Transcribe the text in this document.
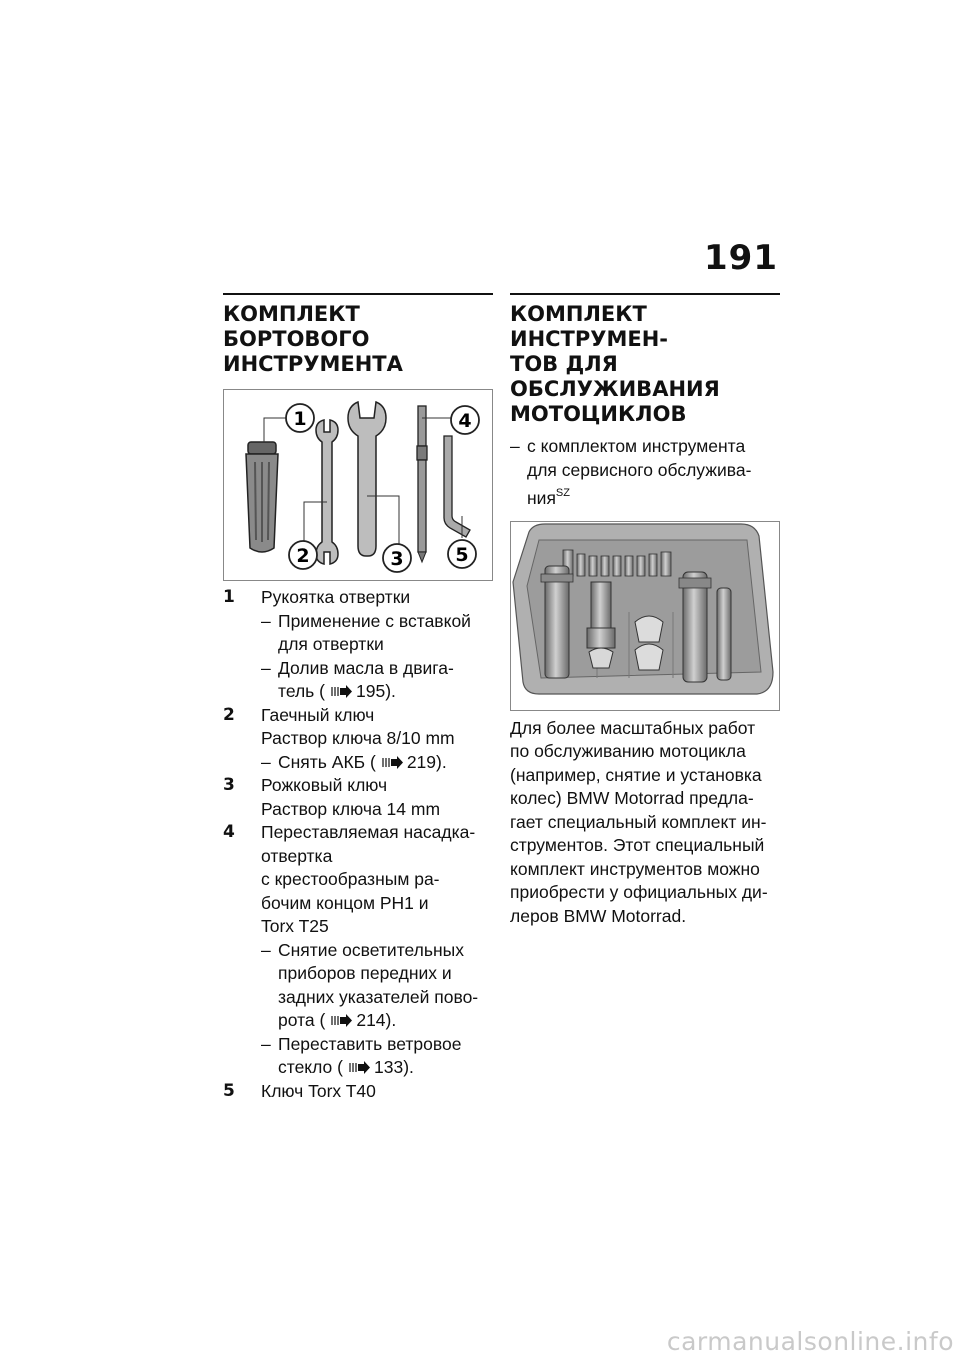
191
КОМПЛЕКТ БОРТОВОГО
ИНСТРУМЕНТА
1
2	3
4
5
1 Рукоятка отвертки
– Применение с вставкой
для отвертки
– Долив масла в двига-
тель ( 195).
2 Гаечный ключ
Раствор ключа 8/10 mm
– Снять АКБ ( 219).
3 Рожковый ключ
Раствор ключа 14 mm
4 Переставляемая насадка-
отвертка
с крестообразным ра-
бочим концом PH1 и
Torx T25
– Снятие осветительных
приборов передних и
задних указателей пово-
рота ( 214).
– Переставить ветровое
стекло ( 133).
5 Ключ Torx T40
КОМПЛЕКТ ИНСТРУМЕН-
ТОВ ДЛЯ ОБСЛУЖИВАНИЯ
МОТОЦИКЛОВ
– с комплектом инструмента
для сервисного обслужива-
ния$^{SZ}$
Для более масштабных работ
по обслуживанию мотоцикла
(например, снятие и установка
колес) BMW Motorrad предла-
гает специальный комплект ин-
струментов. Этот специальный
комплект инструментов можно
приобрести у официальных ди-
леров BMW Motorrad.
carmanualsonline.info
